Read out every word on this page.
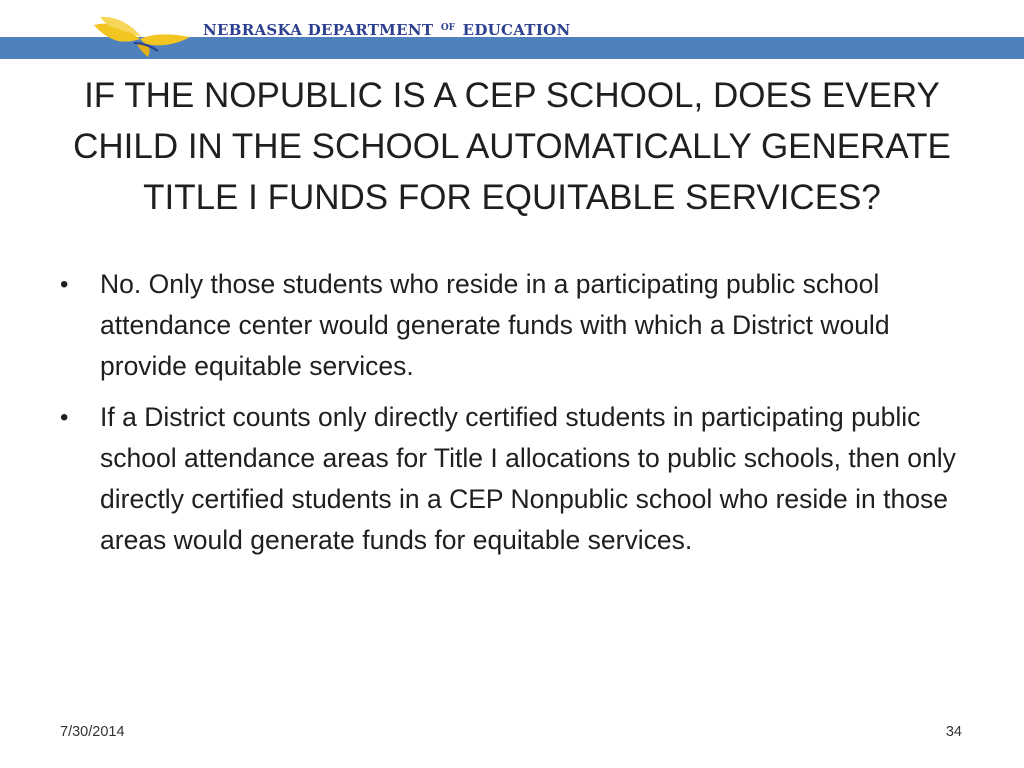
NEBRASKA DEPARTMENT $^{OF}$ EDUCATION
IF THE NOPUBLIC IS A CEP SCHOOL, DOES EVERY CHILD IN THE SCHOOL AUTOMATICALLY GENERATE TITLE I FUNDS FOR EQUITABLE SERVICES?
• No. Only those students who reside in a participating public school attendance center would generate funds with which a District would provide equitable services.
• If a District counts only directly certified students in participating public school attendance areas for Title I allocations to public schools, then only directly certified students in a CEP Nonpublic school who reside in those areas would generate funds for equitable services.
7/30/2014	34
